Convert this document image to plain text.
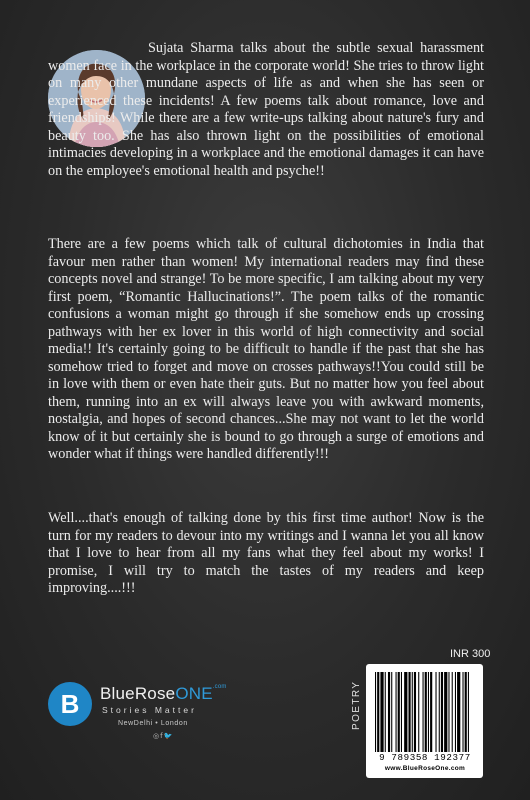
Sujata Sharma talks about the subtle sexual harassment women face in the workplace in the corporate world! She tries to throw light on many other mundane aspects of life as and when she has seen or experienced these incidents! A few poems talk about romance, love and friendships! While there are a few write-ups talking about nature's fury and beauty too. She has also thrown light on the possibilities of emotional intimacies developing in a workplace and the emotional damages it can have on the employee's emotional health and psyche!!

There are a few poems which talk of cultural dichotomies in India that favour men rather than women! My international readers may find these concepts novel and strange! To be more specific, I am talking about my very first poem, “Romantic Hallucinations!”. The poem talks of the romantic confusions a woman might go through if she somehow ends up crossing pathways with her ex lover in this world of high connectivity and social media!! It's certainly going to be difficult to handle if the past that she has somehow tried to forget and move on crosses pathways!!You could still be in love with them or even hate their guts. But no matter how you feel about them, running into an ex will always leave you with awkward moments, nostalgia, and hopes of second chances...She may not want to let the world know of it but certainly she is bound to go through a surge of emotions and wonder what if things were handled differently!!!

Well....that's enough of talking done by this first time author! Now is the turn for my readers to devour into my writings and I wanna let you all know that I love to hear from all my fans what they feel about my works! I promise, I will try to match the tastes of my readers and keep improving....!!!

B	BlueRoseONE$^{.com}$
Stories Matter
NewDelhi • London
◎f🐦
INR 300
POETRY
9 789358 192377
www.BlueRoseOne.com
